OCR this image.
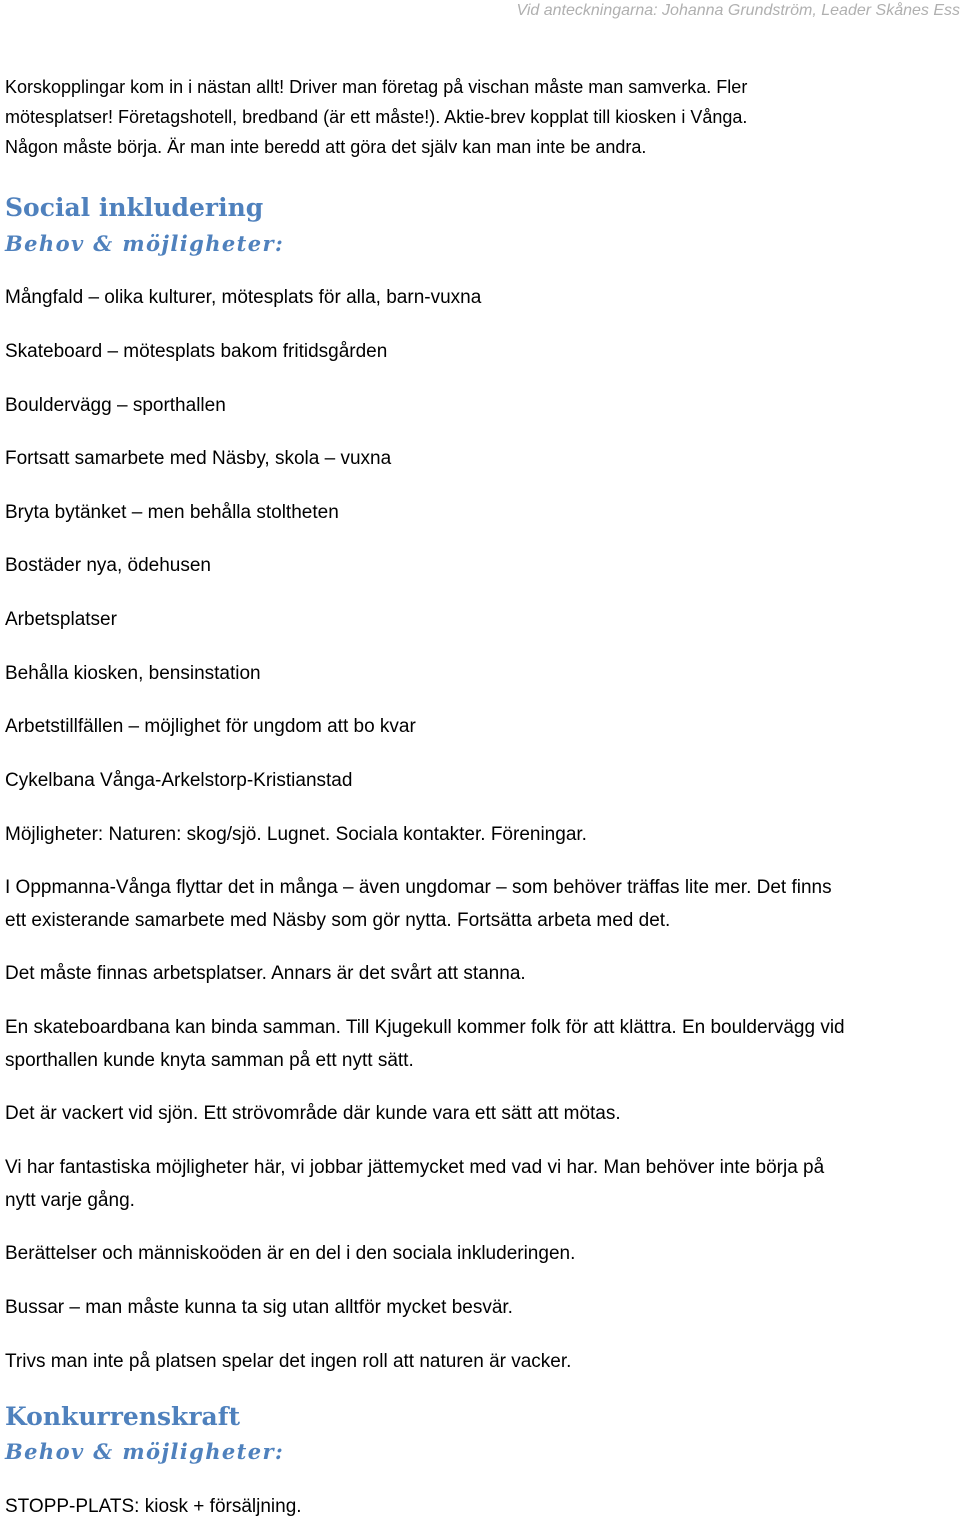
Vid anteckningarna: Johanna Grundström, Leader Skånes Ess
Korskopplingar kom in i nästan allt! Driver man företag på vischan måste man samverka. Fler
mötesplatser! Företagshotell, bredband (är ett måste!). Aktie-brev kopplat till kiosken i Vånga.
Någon måste börja. Är man inte beredd att göra det själv kan man inte be andra.
Social inkludering
Behov & möjligheter:

Mångfald – olika kulturer, mötesplats för alla, barn-vuxna

Skateboard – mötesplats bakom fritidsgården

Bouldervägg – sporthallen

Fortsatt samarbete med Näsby, skola – vuxna

Bryta bytänket – men behålla stoltheten

Bostäder nya, ödehusen

Arbetsplatser

Behålla kiosken, bensinstation

Arbetstillfällen – möjlighet för ungdom att bo kvar

Cykelbana Vånga-Arkelstorp-Kristianstad

Möjligheter: Naturen: skog/sjö. Lugnet. Sociala kontakter. Föreningar.

I Oppmanna-Vånga flyttar det in många – även ungdomar – som behöver träffas lite mer. Det finns
ett existerande samarbete med Näsby som gör nytta. Fortsätta arbeta med det.

Det måste finnas arbetsplatser. Annars är det svårt att stanna.

En skateboardbana kan binda samman. Till Kjugekull kommer folk för att klättra. En bouldervägg vid
sporthallen kunde knyta samman på ett nytt sätt.

Det är vackert vid sjön. Ett strövområde där kunde vara ett sätt att mötas.

Vi har fantastiska möjligheter här, vi jobbar jättemycket med vad vi har. Man behöver inte börja på
nytt varje gång.

Berättelser och människoöden är en del i den sociala inkluderingen.

Bussar – man måste kunna ta sig utan alltför mycket besvär.

Trivs man inte på platsen spelar det ingen roll att naturen är vacker.

Konkurrenskraft
Behov & möjligheter:

STOPP-PLATS: kiosk + försäljning.
